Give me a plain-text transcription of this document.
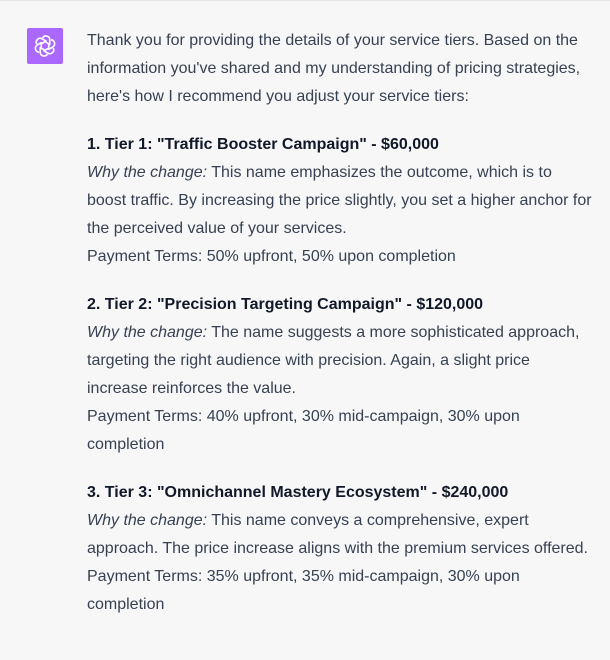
Thank you for providing the details of your service tiers. Based on the information you've shared and my understanding of pricing strategies, here's how I recommend you adjust your service tiers:

1. Tier 1: "Traffic Booster Campaign" - $60,000

Why the change: This name emphasizes the outcome, which is to boost traffic. By increasing the price slightly, you set a higher anchor for the perceived value of your services.

Payment Terms: 50% upfront, 50% upon completion

2. Tier 2: "Precision Targeting Campaign" - $120,000

Why the change: The name suggests a more sophisticated approach, targeting the right audience with precision. Again, a slight price increase reinforces the value.

Payment Terms: 40% upfront, 30% mid-campaign, 30% upon completion

3. Tier 3: "Omnichannel Mastery Ecosystem" - $240,000

Why the change: This name conveys a comprehensive, expert approach. The price increase aligns with the premium services offered.

Payment Terms: 35% upfront, 35% mid-campaign, 30% upon completion
